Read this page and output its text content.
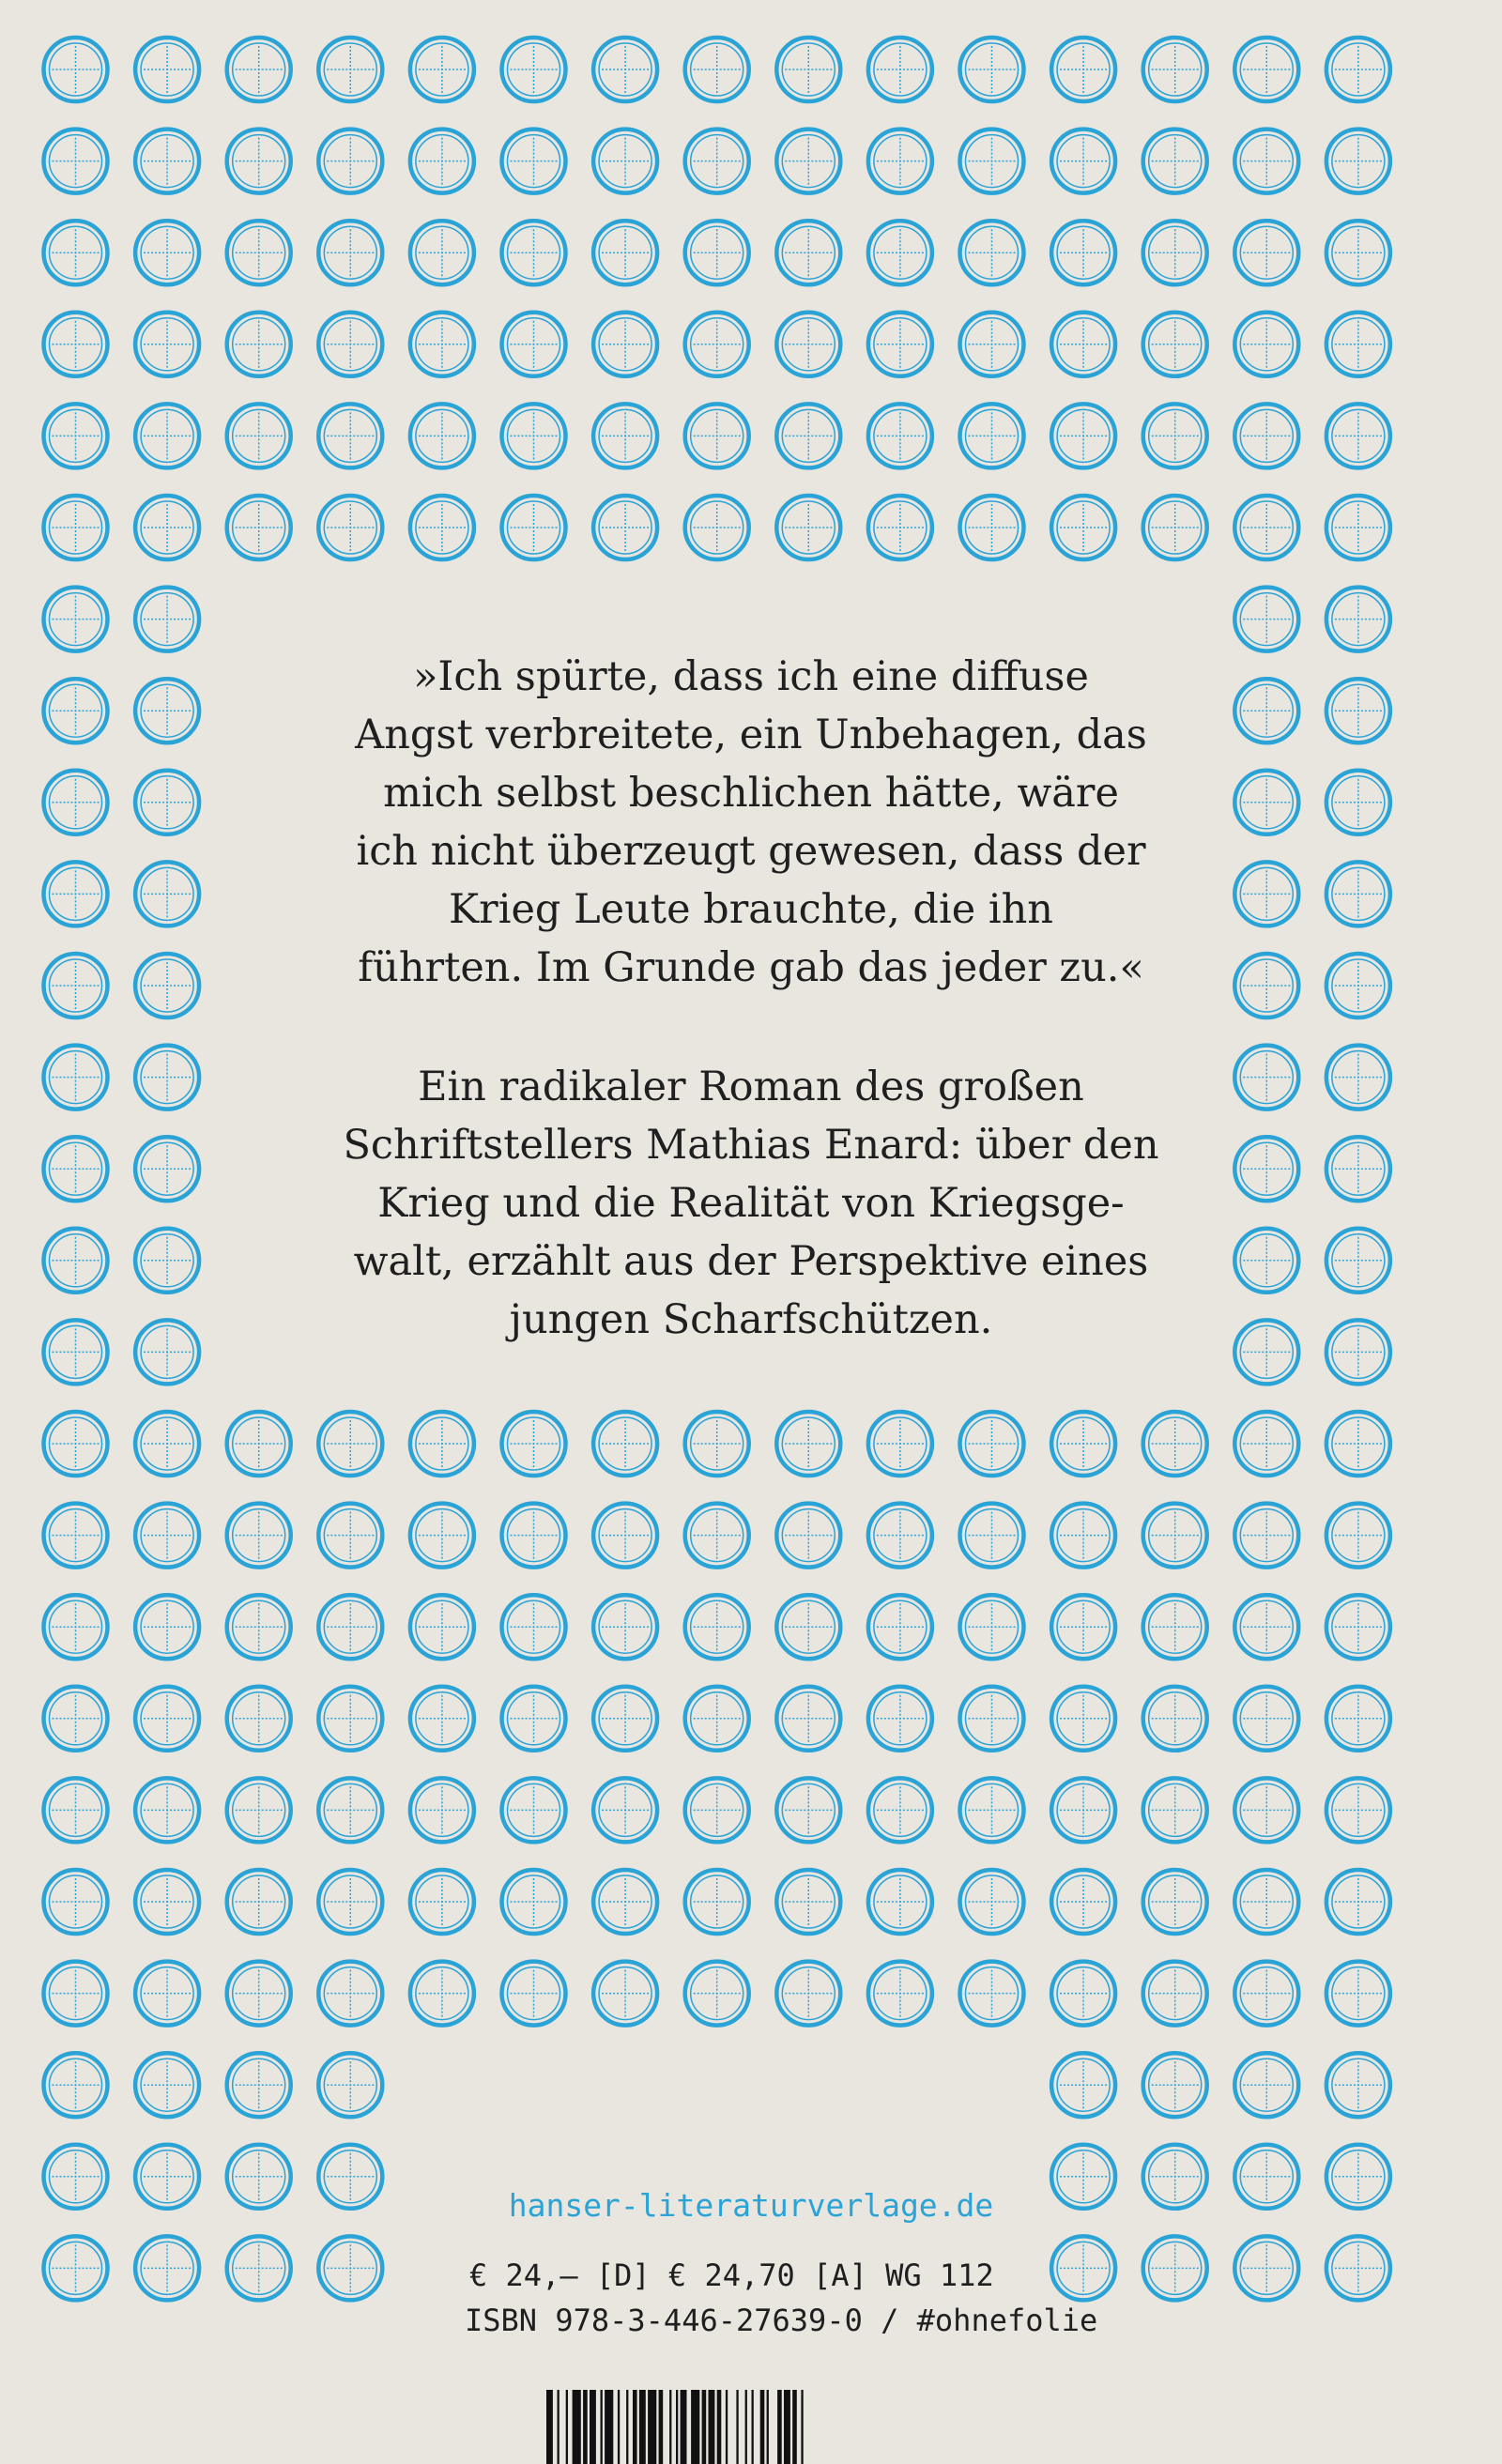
»Ich spürte, dass ich eine diffuse
Angst verbreitete, ein Unbehagen, das
mich selbst beschlichen hätte, wäre
ich nicht überzeugt gewesen, dass der
Krieg Leute brauchte, die ihn
führten. Im Grunde gab das jeder zu.«

Ein radikaler Roman des großen
Schriftstellers Mathias Enard: über den
Krieg und die Realität von Kriegsge-
walt, erzählt aus der Perspektive eines
jungen Scharfschützen.

hanser-literaturverlage.de
€ 24,– [D] € 24,70 [A] WG 112
ISBN 978-3-446-27639-0 / #ohnefolie
